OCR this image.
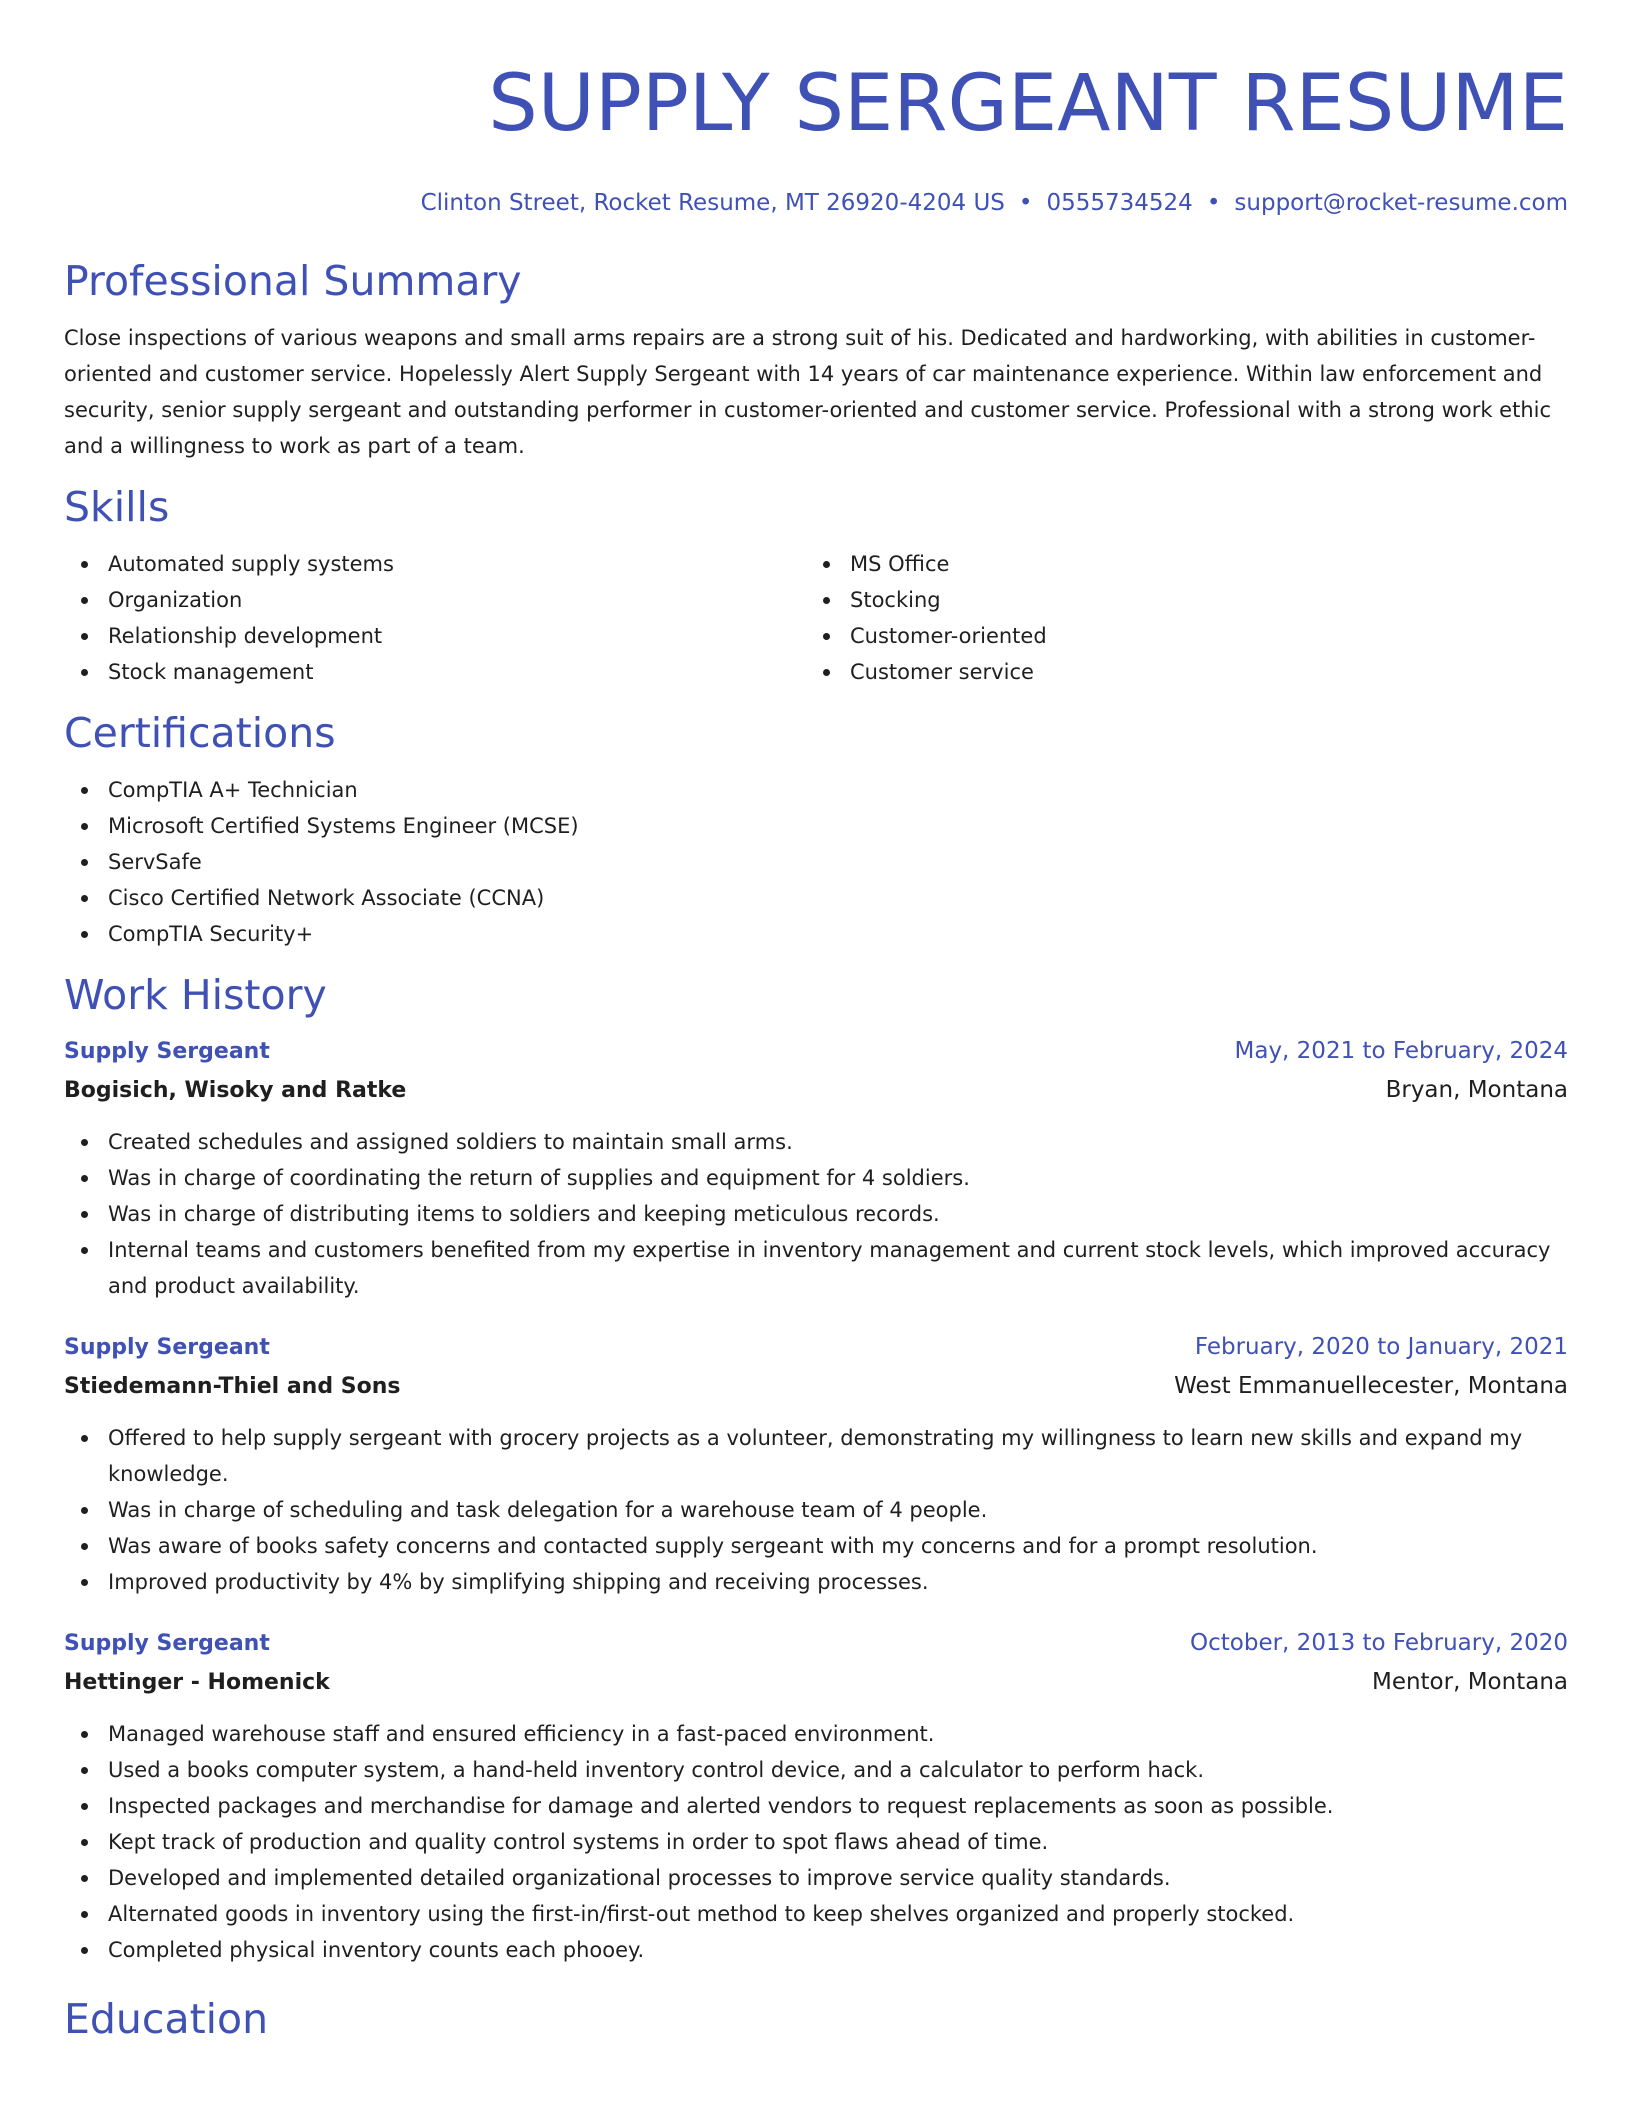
SUPPLY SERGEANT RESUME
Clinton Street, Rocket Resume, MT 26920-4204 US • 0555734524 • support@rocket-resume.com
Professional Summary

Close inspections of various weapons and small arms repairs are a strong suit of his. Dedicated and hardworking, with abilities in customer-oriented and customer service. Hopelessly Alert Supply Sergeant with 14 years of car maintenance experience. Within law enforcement and security, senior supply sergeant and outstanding performer in customer-oriented and customer service. Professional with a strong work ethic and a willingness to work as part of a team.

Skills
Automated supply systems
Organization
Relationship development
Stock management
MS Office
Stocking
Customer-oriented
Customer service
Certifications
CompTIA A+ Technician
Microsoft Certified Systems Engineer (MCSE)
ServSafe
Cisco Certified Network Associate (CCNA)
CompTIA Security+
Work History
Supply Sergeant	May, 2021 to February, 2024
Bogisich, Wisoky and Ratke	Bryan, Montana
Created schedules and assigned soldiers to maintain small arms.
Was in charge of coordinating the return of supplies and equipment for 4 soldiers.
Was in charge of distributing items to soldiers and keeping meticulous records.
Internal teams and customers benefited from my expertise in inventory management and current stock levels, which improved accuracy and product availability.
Supply Sergeant	February, 2020 to January, 2021
Stiedemann-Thiel and Sons	West Emmanuellecester, Montana
Offered to help supply sergeant with grocery projects as a volunteer, demonstrating my willingness to learn new skills and expand my knowledge.
Was in charge of scheduling and task delegation for a warehouse team of 4 people.
Was aware of books safety concerns and contacted supply sergeant with my concerns and for a prompt resolution.
Improved productivity by 4% by simplifying shipping and receiving processes.
Supply Sergeant	October, 2013 to February, 2020
Hettinger - Homenick	Mentor, Montana
Managed warehouse staff and ensured efficiency in a fast-paced environment.
Used a books computer system, a hand-held inventory control device, and a calculator to perform hack.
Inspected packages and merchandise for damage and alerted vendors to request replacements as soon as possible.
Kept track of production and quality control systems in order to spot flaws ahead of time.
Developed and implemented detailed organizational processes to improve service quality standards.
Alternated goods in inventory using the first-in/first-out method to keep shelves organized and properly stocked.
Completed physical inventory counts each phooey.
Education
